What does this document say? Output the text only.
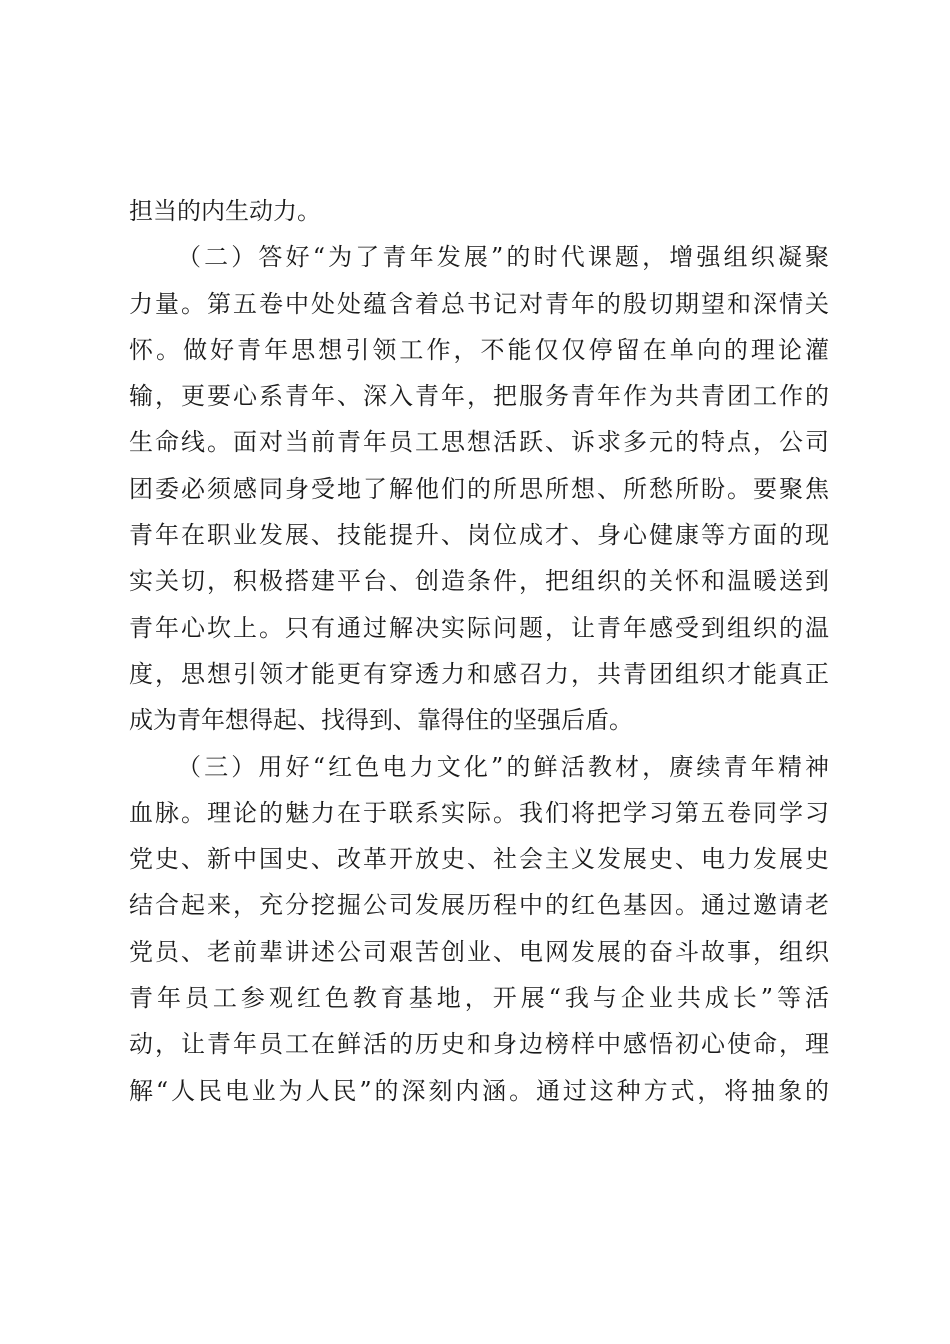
担当的内生动力。
（二）答好“为了青年发展”的时代课题，增强组织凝聚
力量。第五卷中处处蕴含着总书记对青年的殷切期望和深情关
怀。做好青年思想引领工作，不能仅仅停留在单向的理论灌
输，更要心系青年、深入青年，把服务青年作为共青团工作的
生命线。面对当前青年员工思想活跃、诉求多元的特点，公司
团委必须感同身受地了解他们的所思所想、所愁所盼。要聚焦
青年在职业发展、技能提升、岗位成才、身心健康等方面的现
实关切，积极搭建平台、创造条件，把组织的关怀和温暖送到
青年心坎上。只有通过解决实际问题，让青年感受到组织的温
度，思想引领才能更有穿透力和感召力，共青团组织才能真正
成为青年想得起、找得到、靠得住的坚强后盾。
（三）用好“红色电力文化”的鲜活教材，赓续青年精神
血脉。理论的魅力在于联系实际。我们将把学习第五卷同学习
党史、新中国史、改革开放史、社会主义发展史、电力发展史
结合起来，充分挖掘公司发展历程中的红色基因。通过邀请老
党员、老前辈讲述公司艰苦创业、电网发展的奋斗故事，组织
青年员工参观红色教育基地，开展“我与企业共成长”等活
动，让青年员工在鲜活的历史和身边榜样中感悟初心使命，理
解“人民电业为人民”的深刻内涵。通过这种方式，将抽象的
